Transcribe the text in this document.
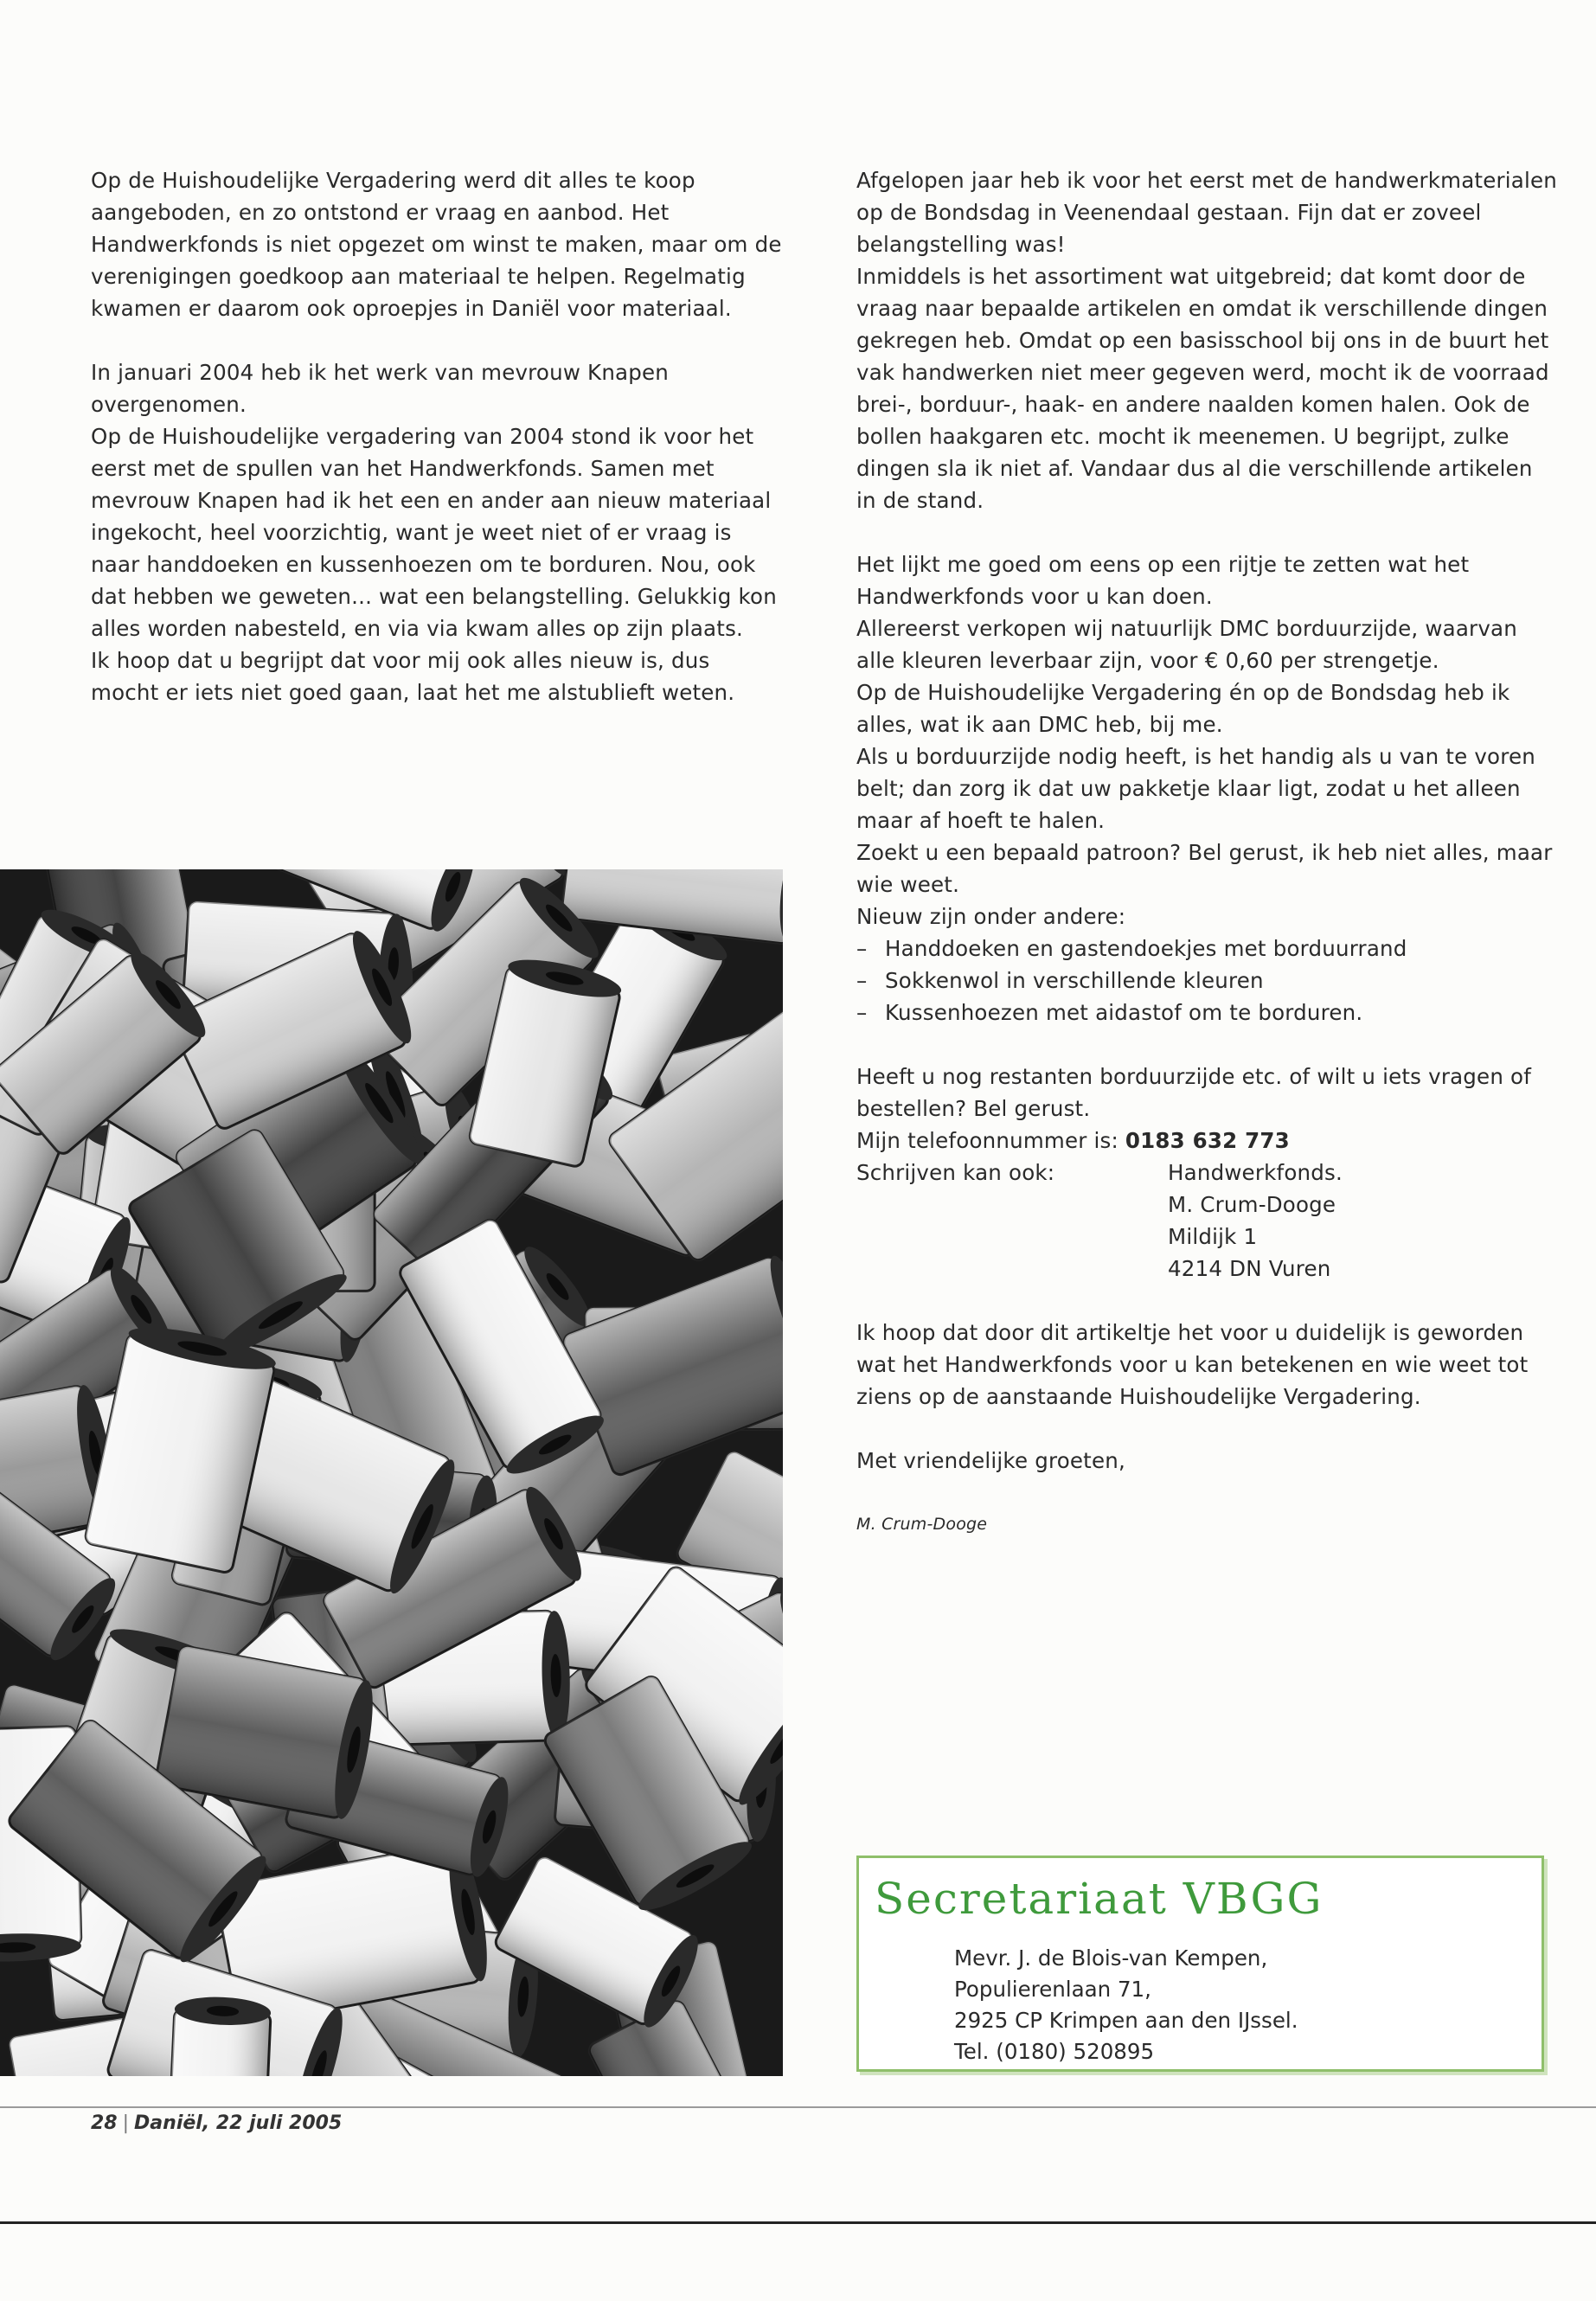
Op de Huishoudelijke Vergadering werd dit alles te koop aangeboden, en zo ontstond er vraag en aanbod. Het Handwerkfonds is niet opgezet om winst te maken, maar om de verenigingen goedkoop aan materiaal te helpen. Regelmatig kwamen er daarom ook oproepjes in Daniël voor materiaal.

In januari 2004 heb ik het werk van mevrouw Knapen overgenomen.

Op de Huishoudelijke vergadering van 2004 stond ik voor het eerst met de spullen van het Handwerkfonds. Samen met mevrouw Knapen had ik het een en ander aan nieuw materiaal ingekocht, heel voorzichtig, want je weet niet of er vraag is naar handdoeken en kussenhoezen om te borduren. Nou, ook dat hebben we geweten... wat een belangstelling. Gelukkig kon alles worden nabesteld, en via via kwam alles op zijn plaats.

Ik hoop dat u begrijpt dat voor mij ook alles nieuw is, dus mocht er iets niet goed gaan, laat het me alstublieft weten.

Afgelopen jaar heb ik voor het eerst met de handwerkmaterialen op de Bondsdag in Veenendaal gestaan. Fijn dat er zoveel belangstelling was!

Inmiddels is het assortiment wat uitgebreid; dat komt door de vraag naar bepaalde artikelen en omdat ik verschillende dingen gekregen heb. Omdat op een basisschool bij ons in de buurt het vak handwerken niet meer gegeven werd, mocht ik de voorraad brei-, borduur-, haak- en andere naalden komen halen. Ook de bollen haakgaren etc. mocht ik meenemen. U begrijpt, zulke dingen sla ik niet af. Vandaar dus al die verschillende artikelen in de stand.

Het lijkt me goed om eens op een rijtje te zetten wat het Handwerkfonds voor u kan doen.

Allereerst verkopen wij natuurlijk DMC borduurzijde, waarvan alle kleuren leverbaar zijn, voor € 0,60 per strengetje.

Op de Huishoudelijke Vergadering én op de Bondsdag heb ik alles, wat ik aan DMC heb, bij me.

Als u borduurzijde nodig heeft, is het handig als u van te voren belt; dan zorg ik dat uw pakketje klaar ligt, zodat u het alleen maar af hoeft te halen.

Zoekt u een bepaald patroon? Bel gerust, ik heb niet alles, maar wie weet.

Nieuw zijn onder andere:

– Handdoeken en gastendoekjes met borduurrand
– Sokkenwol in verschillende kleuren
– Kussenhoezen met aidastof om te borduren.

Heeft u nog restanten borduurzijde etc. of wilt u iets vragen of bestellen? Bel gerust.

Mijn telefoonnummer is: 0183 632 773
Schrijven kan ook:	Handwerkfonds.
M. Crum-Dooge
Mildijk 1
4214 DN Vuren

Ik hoop dat door dit artikeltje het voor u duidelijk is geworden wat het Handwerkfonds voor u kan betekenen en wie weet tot ziens op de aanstaande Huishoudelijke Vergadering.

Met vriendelijke groeten,

M. Crum-Dooge

Secretariaat VBGG
Mevr. J. de Blois-van Kempen,
Populierenlaan 71,
2925 CP Krimpen aan den IJssel.
Tel. (0180) 520895
28 | Daniël, 22 juli 2005
